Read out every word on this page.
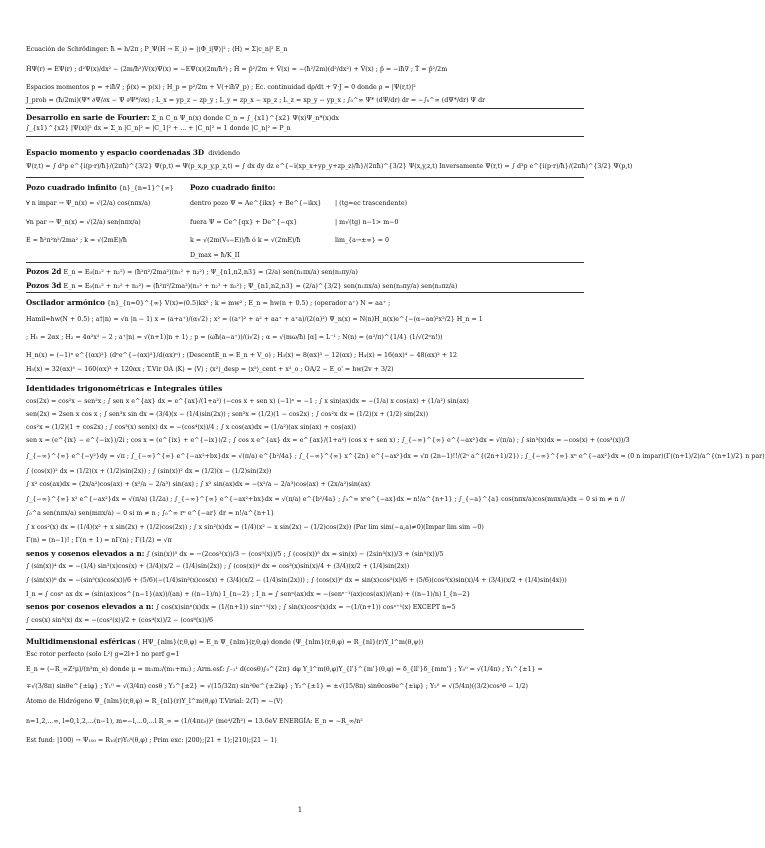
Ecuación de Schrödinger: ħ = h/2π ; P_Ψ(H → E_i) = |⟨Φ_i|Ψ⟩|² ; ⟨H⟩ = Σ|c_n|² E_n
ĤΨ(r) = EΨ(r) ; d²Ψ(x)/dx² − (2m/ħ²)V(x)Ψ(x) = −EΨ(x)(2m/ħ²) ; Ĥ = p̂²/2m + V̂(x) = −(ħ²/2m)(d²/dx²) + V̂(x) ; p̂ = −iħ∇ ; T̂ = p̂²/2m
Espacios momentos p = +iħ∇ ; p̂(x) = p(x) ; H_p = p²/2m + V(+iħ∇_p) ; Ec. continuidad dρ/dt + ∇·J = 0 donde ρ = |Ψ(r,t)|²
J_prob = (ħ/2mi)(Ψ* ∂Ψ/∂x − Ψ ∂Ψ*/∂x) ; L_x = yp_z − zp_y ; L_y = zp_x − xp_z ; L_z = xp_y − yp_x ; ∫₀^∞ Ψ* (dΨ/dr) dr = −∫₀^∞ (dΨ*/dr) Ψ dr
Desarrollo en sarie de Fourier: Σ_n C_n Ψ_n(x) donde C_n = ∫_{x1}^{x2} Ψ(x)Ψ_n*(x)dx
∫_{x1}^{x2} |Ψ(x)|² dx = Σ_n |C_n|² = |C_1|² + ... + |C_n|² = 1 donde |C_n|² = P_n
Espacio momento y espacio coordenadas 3D dividendo
Ψ(r,t) = ∫ d³p e^{i(p·r)/ħ}/(2πħ)^{3/2} Ψ(p,t) ⇒ Ψ(p_x,p_y,p_z,t) = ∫ dx dy dz e^{−i(xp_x+yp_y+zp_z)/ħ}/(2πħ)^{3/2} Ψ(x,y,z,t) Inversamente Ψ(r,t) = ∫ d³p e^{i(p·r)/ħ}/(2πħ)^{3/2} Ψ(p,t)
Pozo cuadrado infinito {n}_{n=1}^{∞}	Pozo cuadrado finito:
∀ n impar → Ψ_n(x) = √(2/a) cos(nπx/a)
∀n par → Ψ_n(x) = √(2/a) sen(nπx/a)
E = ħ²π²n²/2ma² ; k = √(2mE)/ħ
dentro pozo Ψ = Ae^{ikx} + Be^{−ikx}
fuera Ψ = Ce^{qx} + De^{−qx}
k = √(2m(V₀−E))/ħ ó k = √(2mE)/ħ
D_max = ħ/K_II
| (tg=ec trascendente)
| m√(tg) n−1> m−0
lim_{a→±∞} = 0
Pozos 2d E_n = E₀(n₁² + n₂²) = (ħ²π²/2ma²)(n₁² + n₂²) ; Ψ_{n1,n2,n3} = (2/a) sen(n₁πx/a) sen(n₂πy/a)
Pozos 3d E_n = E₀(n₁² + n₂² + n₃²) = (ħ²π²/2ma²)(n₁² + n₂² + n₃²) ; Ψ_{n1,n2,n3} = (2/a)^{3/2} sen(n₁πx/a) sen(n₂πy/a) sen(n₃πz/a)
Oscilador armónico {n}_{n=0}^{∞} V(x)=(0.5)kx² ; k = mw² ; E_n = hw(n + 0.5) ; (operador a⁺) N = aa⁺ ;
Hamil=hw(N + 0.5) ; a†|n⟩ = √n |n − 1⟩ x = (a+a⁺)/(α√2) ; x² = ((a⁺)² + a² + aa⁺ + a⁺a)/(2(α)²) Ψ_n(x) = N(n)H_n(x)e^{−(α−aα)²x²/2} H_n = 1
; H₁ = 2αx ; H₂ = 4α²x² − 2 ; a⁺|n⟩ = √(n+1)|n + 1⟩ ; p = (ωħ(a−a⁺))/(i√2) ; α = √(mω/ħ) [α] = L⁻¹ ; N(n) = (α²/π)^{1/4} (1/√(2ⁿn!))
H_n(x) = (−1)ⁿ e^{(αx)²} (dⁿe^{−(αx)²}/d(αx)ⁿ) ; (DescentE_n = E_n + V_o) ; H₃(x) = 8(αx)³ − 12(αx) ; H₄(x) = 16(αx)⁴ − 48(αx)² + 12
H₅(x) = 32(αx)⁵ − 160(αx)³ + 120αx ; T.Vir OA ⟨K⟩ = ⟨V⟩ ; ⟨x²⟩_desp = ⟨x²⟩_cent + x²_o ; OA/2 − E_o' = hw(2v + 3/2)
Identidades trigonométricas e Integrales útiles
cos(2x) = cos²x − sen²x ; ∫ sen x e^{ax} dx = e^{ax}/(1+a²) (−cos x + sen x) (−1)ⁿ = −1 ; ∫ x sin(ax)dx = −(1/a) x cos(ax) + (1/a²) sin(ax)
sen(2x) = 2sen x cos x ; ∫ sen³x sin dx = (3/4)(x − (1/4)sin(2x)) ; sen²x = (1/2)(1 − cos2x) ; ∫ cos²x dx = (1/2)(x + (1/2) sin(2x))
cos²x = (1/2)(1 + cos2x) ; ∫ cos³(x) sen(x) dx = −(cos⁴(x))/4 ; ∫ x cos(ax)dx = (1/a²)(ax sin(ax) + cos(ax))
sen x = (e^{ix} − e^{−ix})/2i ; cos x = (e^{ix} + e^{−ix})/2 ; ∫ cos x e^{ax} dx = e^{ax}/(1+a²) (cos x + sen x) ; ∫_{−∞}^{∞} e^{−ax²}dx = √(π/a) ; ∫ sin³(x)dx = −cos(x) + (cos³(x))/3
∫_{−∞}^{∞} e^{−y²}dy = √π ; ∫_{−∞}^{∞} e^{−ax²+bx}dx = √(π/a) e^{b²/4a} ; ∫_{−∞}^{∞} x^{2n} e^{−ax²}dx = √π (2n−1)!!/(2ⁿ a^{(2n+1)/2}) ; ∫_{−∞}^{∞} xⁿ e^{−ax²}dx = (0 n impar)(Γ((n+1)/2)/a^{(n+1)/2} n par)
∫ (cos(x))² dx = (1/2)(x + (1/2)sin(2x)) ; ∫ (sin(x))² dx = (1/2)(x − (1/2)sin(2x))
∫ x² cos(ax)dx = (2x/a²)cos(ax) + (x²/a − 2/a³) sin(ax) ; ∫ x² sin(ax)dx = −(x²/a − 2/a³)cos(ax) + (2x/a²)sin(ax)
∫_{−∞}^{∞} x² e^{−ax²}dx = √(π/a) (1/2a) ; ∫_{−∞}^{∞} e^{−ax²+bx}dx = √(π/a) e^{b²/4a} ; ∫₀^∞ xⁿe^{−ax}dx = n!/a^{n+1} ; ∫_{−a}^{a} cos(nπx/a)cos(mπx/a)dx − 0 si m ≠ n //
∫₀^a sen(nπx/a) sen(mπx/a) − 0 si m ≠ n ; ∫₀^∞ rⁿ e^{−ar} dr = n!/a^{n+1}
∫ x cos²(x) dx = (1/4)(x² + x sin(2x) + (1/2)cos(2x)) ; ∫ x sin²(x)dx = (1/4)(x² − x sin(2x) − (1/2)cos(2x)) (Par lim sim(−a,a)≠0)(Impar lim sim −0)
Γ(n) = (n−1)! ; Γ(n + 1) = nΓ(n) ; Γ(1/2) = √π
senos y cosenos elevados a n: ∫ (sin(x))⁵ dx = −(2cos³(x))/3 − (cos⁵(x))/5 ; ∫ (cos(x))⁵ dx = sin(x) − (2sin³(x))/3 + (sin⁵(x))/5
∫ (sin(x))⁴ dx = −(1/4) sin³(x)cos(x) + (3/4)(x/2 − (1/4)sin(2x)) ; ∫ (cos(x))⁴ dx = cos³(x)sin(x)/4 + (3/4)(x/2 + (1/4)sin(2x))
∫ (sin(x))⁶ dx = −(sin⁵(x)cos(x))/6 + (5/6)(−(1/4)sin³(x)cos(x) + (3/4)(x/2 − (1/4)sin(2x))) ; ∫ (cos(x))⁶ dx = sin(x)cos⁵(x)/6 + (5/6)(cos³(x)sin(x)/4 + (3/4)(x/2 + (1/4)sin(4x)))
I_n = ∫ cosⁿ ax dx = (sin(ax)cos^{n−1}(ax))/(an) + ((n−1)/n) I_{n−2} ; I_n = ∫ senⁿ(ax)dx = −(senⁿ⁻¹(ax)cos(ax))/(an) + ((n−1)/n) I_{n−2}
senos por cosenos elevados a n: ∫ cos(x)sinⁿ(x)dx = (1/(n+1)) sinⁿ⁺¹(x) ; ∫ sin(x)cosⁿ(x)dx = −(1/(n+1)) cosⁿ⁺¹(x) EXCEPT n=5
∫ cos(x) sin⁵(x) dx = −(cos²(x))/2 + (cos⁴(x))/2 − (cos⁶(x))/6
Multidimensional esféricas ( HΨ_{nlm}(r,θ,φ) = E_n Ψ_{nlm}(r,θ,φ) donde (Ψ_{nlm}(r,θ,φ) = R_{nl}(r)Y_l^m(θ,ψ))
Esc rotor perfecto (solo L²) g=2l+1 no perf g=1
E_n = (−R_∞Z²μ)/(n²m_e) donde μ = m₁m₂/(m₁+m₂) ; Arm.esf: ∫₋₁¹ d(cosθ)∫₀^{2π} dφ Y_l^m(θ,φ)Y_{l'}^{m'}(θ,φ) = δ_{ll'}δ_{mm'} ; Y₀⁰ = √(1/4π) ; Y₁^{±1} =
∓√(3/8π) sinθe^{±iφ} ; Y₁⁰ = √(3/4π) cosθ ; Y₂^{±2} = √(15/32π) sin²θe^{±2iφ} ; Y₂^{±1} = ±√(15/8π) sinθcosθe^{±iφ} ; Y₂⁰ = √(5/4π)((3/2)cos²θ − 1/2)
Átomo de Hidrógeno Ψ_{nlm}(r,θ,φ) = R_{nl}(r)Y_l^m(θ,φ) T.Virial: 2⟨T⟩ = −⟨V⟩
n=1,2,...∞, l=0,1,2,...(n−1), m=−l,...0,...l R_∞ = (1/(4πε₀))² (me⁴/2ħ²) = 13.6eV ENERGÍA: E_n = −R_∞/n²
Est fund: |100⟩ → Ψ₁₀₀ = R₁₀(r)Y₀⁰(θ,φ) ; Prim exc: |200⟩;|21 + 1⟩;|210⟩;|21 − 1⟩
1
